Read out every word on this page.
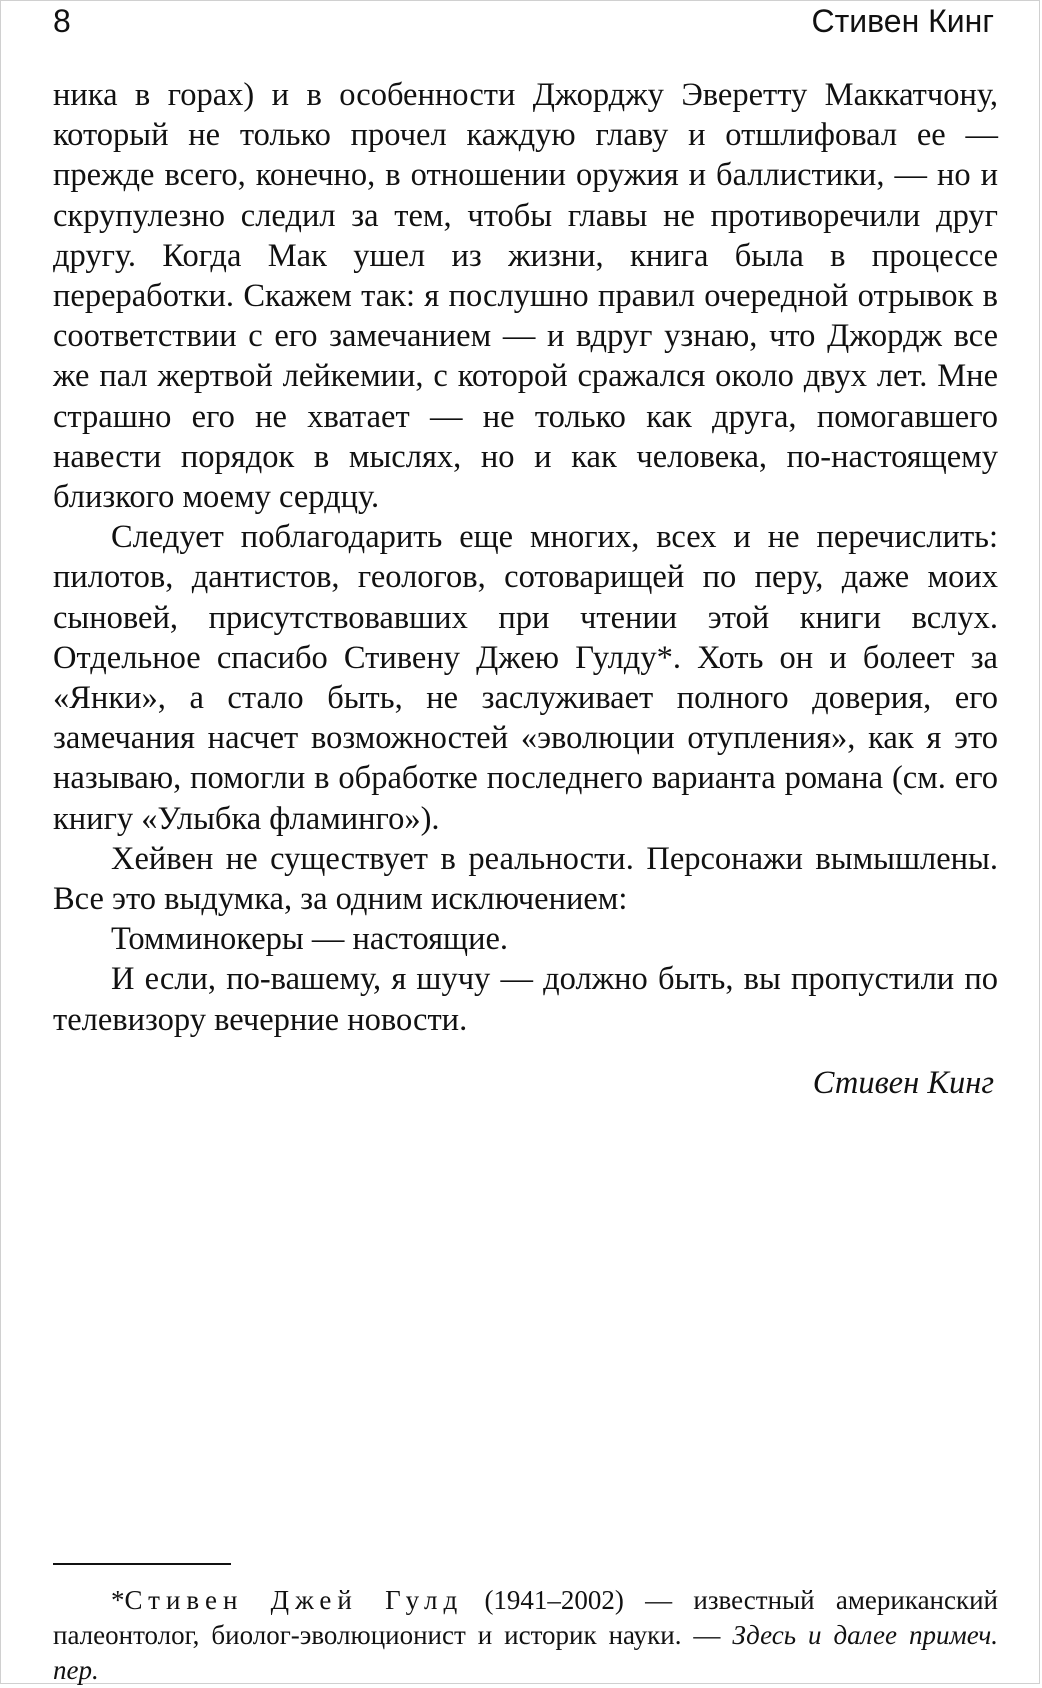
8	Стивен Кинг

ника в горах) и в особенности Джорджу Эверетту Маккатчону, который не только прочел каждую главу и отшлифовал ее — прежде всего, конечно, в отношении оружия и баллистики, — но и скрупулезно следил за тем, чтобы главы не противоречили друг другу. Когда Мак ушел из жизни, книга была в процессе переработки. Скажем так: я послушно правил очередной отрывок в соответствии с его замечанием — и вдруг узнаю, что Джордж все же пал жертвой лейкемии, с которой сражался около двух лет. Мне страшно его не хватает — не только как друга, помогавшего навести порядок в мыслях, но и как человека, по-настоящему близкого моему сердцу.

Следует поблагодарить еще многих, всех и не перечислить: пилотов, дантистов, геологов, сотоварищей по перу, даже моих сыновей, присутствовавших при чтении этой книги вслух. Отдельное спасибо Стивену Джею Гулду*. Хоть он и болеет за «Янки», а стало быть, не заслуживает полного доверия, его замечания насчет возможностей «эволюции отупления», как я это называю, помогли в обработке последнего варианта романа (см. его книгу «Улыбка фламинго»).

Хейвен не существует в реальности. Персонажи вымышлены. Все это выдумка, за одним исключением:

Томминокеры — настоящие.

И если, по-вашему, я шучу — должно быть, вы пропустили по телевизору вечерние новости.

Стивен Кинг

*Стивен Джей Гулд (1941–2002) — известный американский палеонтолог, биолог-эволюционист и историк науки. — Здесь и далее примеч. пер.
